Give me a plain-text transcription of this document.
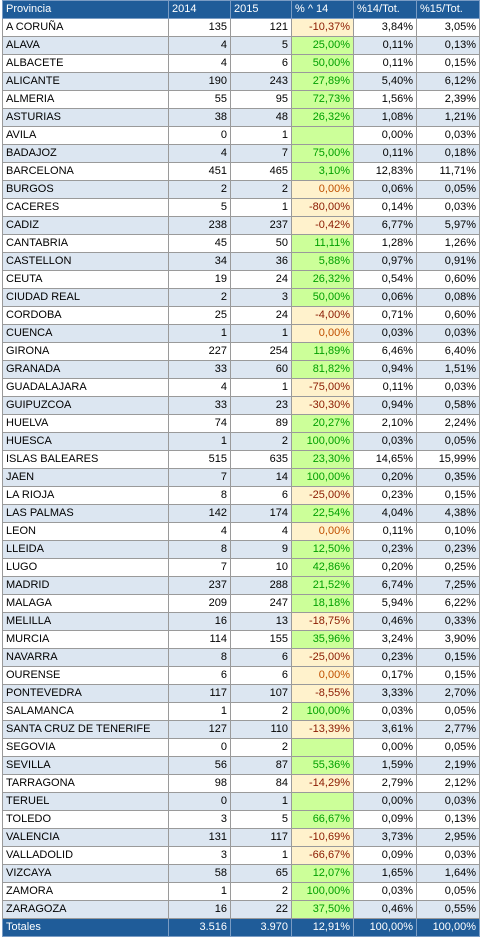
Provincia	2014	2015	% ^ 14	%14/Tot.	%15/Tot.
A CORUÑA	135	121	-10,37%	3,84%	3,05%
ALAVA	4	5	25,00%	0,11%	0,13%
ALBACETE	4	6	50,00%	0,11%	0,15%
ALICANTE	190	243	27,89%	5,40%	6,12%
ALMERIA	55	95	72,73%	1,56%	2,39%
ASTURIAS	38	48	26,32%	1,08%	1,21%
AVILA	0	1		0,00%	0,03%
BADAJOZ	4	7	75,00%	0,11%	0,18%
BARCELONA	451	465	3,10%	12,83%	11,71%
BURGOS	2	2	0,00%	0,06%	0,05%
CACERES	5	1	-80,00%	0,14%	0,03%
CADIZ	238	237	-0,42%	6,77%	5,97%
CANTABRIA	45	50	11,11%	1,28%	1,26%
CASTELLON	34	36	5,88%	0,97%	0,91%
CEUTA	19	24	26,32%	0,54%	0,60%
CIUDAD REAL	2	3	50,00%	0,06%	0,08%
CORDOBA	25	24	-4,00%	0,71%	0,60%
CUENCA	1	1	0,00%	0,03%	0,03%
GIRONA	227	254	11,89%	6,46%	6,40%
GRANADA	33	60	81,82%	0,94%	1,51%
GUADALAJARA	4	1	-75,00%	0,11%	0,03%
GUIPUZCOA	33	23	-30,30%	0,94%	0,58%
HUELVA	74	89	20,27%	2,10%	2,24%
HUESCA	1	2	100,00%	0,03%	0,05%
ISLAS BALEARES	515	635	23,30%	14,65%	15,99%
JAEN	7	14	100,00%	0,20%	0,35%
LA RIOJA	8	6	-25,00%	0,23%	0,15%
LAS PALMAS	142	174	22,54%	4,04%	4,38%
LEON	4	4	0,00%	0,11%	0,10%
LLEIDA	8	9	12,50%	0,23%	0,23%
LUGO	7	10	42,86%	0,20%	0,25%
MADRID	237	288	21,52%	6,74%	7,25%
MALAGA	209	247	18,18%	5,94%	6,22%
MELILLA	16	13	-18,75%	0,46%	0,33%
MURCIA	114	155	35,96%	3,24%	3,90%
NAVARRA	8	6	-25,00%	0,23%	0,15%
OURENSE	6	6	0,00%	0,17%	0,15%
PONTEVEDRA	117	107	-8,55%	3,33%	2,70%
SALAMANCA	1	2	100,00%	0,03%	0,05%
SANTA CRUZ DE TENERIFE	127	110	-13,39%	3,61%	2,77%
SEGOVIA	0	2		0,00%	0,05%
SEVILLA	56	87	55,36%	1,59%	2,19%
TARRAGONA	98	84	-14,29%	2,79%	2,12%
TERUEL	0	1		0,00%	0,03%
TOLEDO	3	5	66,67%	0,09%	0,13%
VALENCIA	131	117	-10,69%	3,73%	2,95%
VALLADOLID	3	1	-66,67%	0,09%	0,03%
VIZCAYA	58	65	12,07%	1,65%	1,64%
ZAMORA	1	2	100,00%	0,03%	0,05%
ZARAGOZA	16	22	37,50%	0,46%	0,55%
Totales	3.516	3.970	12,91%	100,00%	100,00%
